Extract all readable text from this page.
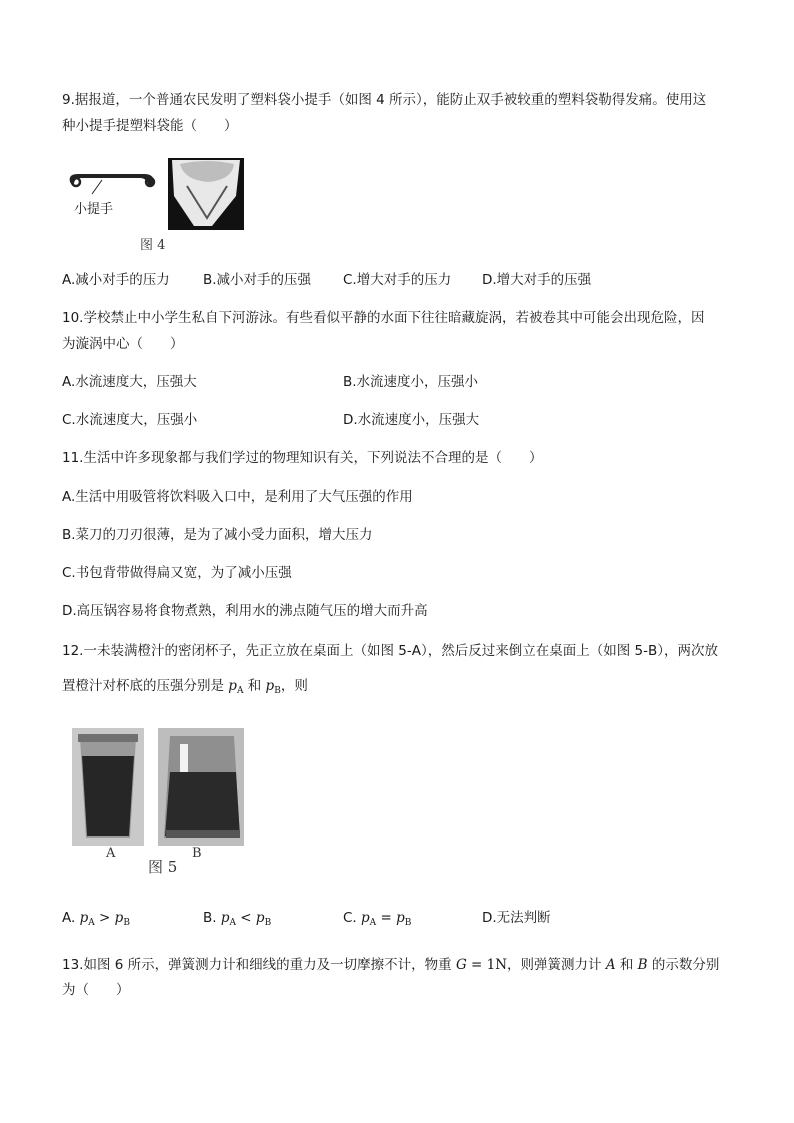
9.据报道，一个普通农民发明了塑料袋小提手（如图 4 所示），能防止双手被较重的塑料袋勒得发痛。使用这
种小提手提塑料袋能（　　）
小提手
图 4
A.减小对手的压力 B.减小对手的压强 C.增大对手的压力 D.增大对手的压强
10.学校禁止中小学生私自下河游泳。有些看似平静的水面下往往暗藏旋涡，若被卷其中可能会出现危险，因
为漩涡中心（　　）
A.水流速度大，压强大	B.水流速度小，压强小
C.水流速度大，压强小	D.水流速度小，压强大
11.生活中许多现象都与我们学过的物理知识有关，下列说法不合理的是（　　）
A.生活中用吸管将饮料吸入口中，是利用了大气压强的作用
B.菜刀的刀刃很薄，是为了减小受力面积，增大压力
C.书包背带做得扁又宽，为了减小压强
D.高压锅容易将食物煮熟，利用水的沸点随气压的增大而升高
12.一未装满橙汁的密闭杯子，先正立放在桌面上（如图 5-A），然后反过来倒立在桌面上（如图 5-B），两次放
置橙汁对杯底的压强分别是 $p_A$ 和 $p_B$，则
A
图 5
B
A. $p_A > p_B$	B. $p_A < p_B$	C. $p_A = p_B$	D.无法判断
13.如图 6 所示，弹簧测力计和细线的重力及一切摩擦不计，物重 G = 1N，则弹簧测力计 A 和 B 的示数分别
为（　　）
